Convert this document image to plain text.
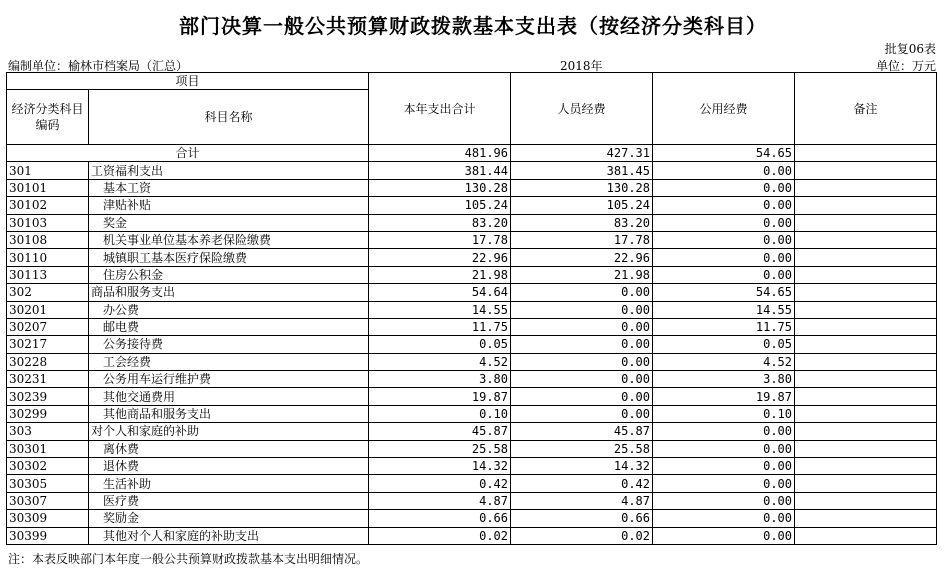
部门决算一般公共预算财政拨款基本支出表（按经济分类科目）
批复06表
编制单位：榆林市档案局（汇总）	2018年	单位：万元
项目		本年支出合计	人员经费	公用经费	备注
经济分类科目编码	科目名称				
合计		481.96	427.31	54.65	
301	工资福利支出	381.44	381.45	0.00	
30101	基本工资	130.28	130.28	0.00	
30102	津贴补贴	105.24	105.24	0.00	
30103	奖金	83.20	83.20	0.00	
30108	机关事业单位基本养老保险缴费	17.78	17.78	0.00	
30110	城镇职工基本医疗保险缴费	22.96	22.96	0.00	
30113	住房公积金	21.98	21.98	0.00	
302	商品和服务支出	54.64	0.00	54.65	
30201	办公费	14.55	0.00	14.55	
30207	邮电费	11.75	0.00	11.75	
30217	公务接待费	0.05	0.00	0.05	
30228	工会经费	4.52	0.00	4.52	
30231	公务用车运行维护费	3.80	0.00	3.80	
30239	其他交通费用	19.87	0.00	19.87	
30299	其他商品和服务支出	0.10	0.00	0.10	
303	对个人和家庭的补助	45.87	45.87	0.00	
30301	离休费	25.58	25.58	0.00	
30302	退休费	14.32	14.32	0.00	
30305	生活补助	0.42	0.42	0.00	
30307	医疗费	4.87	4.87	0.00	
30309	奖励金	0.66	0.66	0.00	
30399	其他对个人和家庭的补助支出	0.02	0.02	0.00	
注：本表反映部门本年度一般公共预算财政拨款基本支出明细情况。
